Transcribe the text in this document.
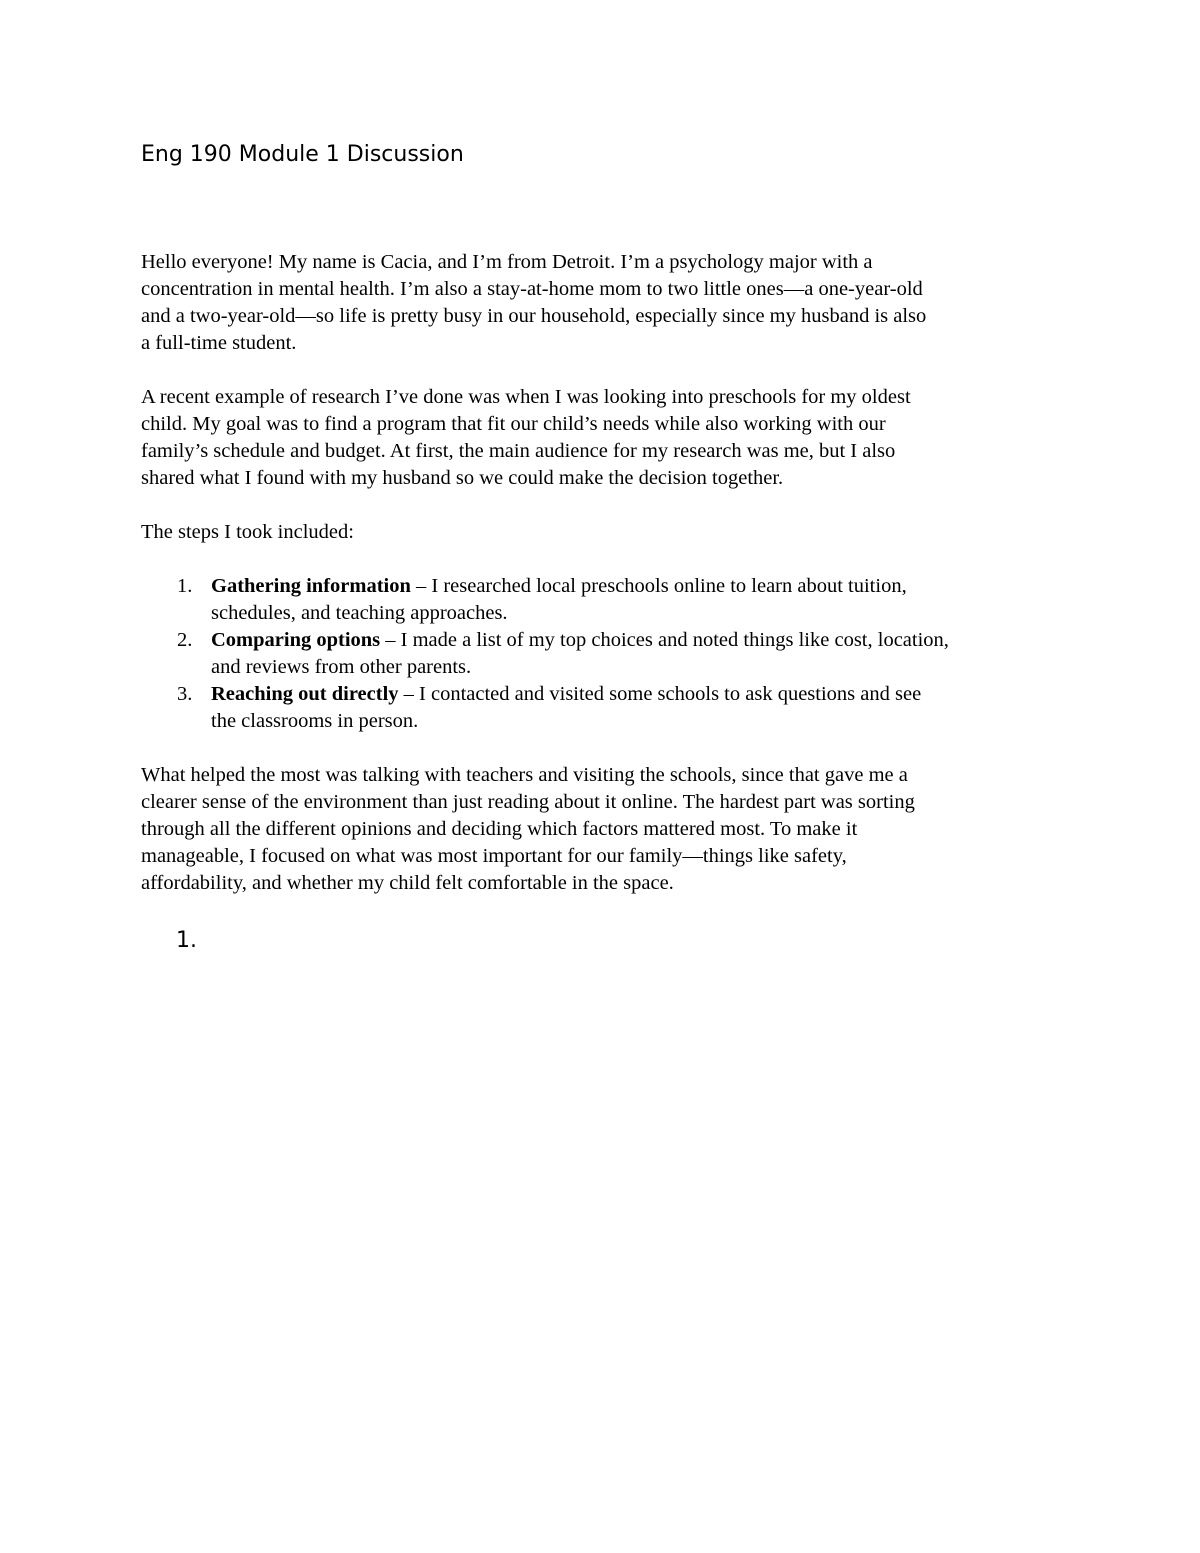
Eng 190 Module 1 Discussion

Hello everyone! My name is Cacia, and I’m from Detroit. I’m a psychology major with a
concentration in mental health. I’m also a stay-at-home mom to two little ones—a one-year-old
and a two-year-old—so life is pretty busy in our household, especially since my husband is also
a full-time student.

A recent example of research I’ve done was when I was looking into preschools for my oldest
child. My goal was to find a program that fit our child’s needs while also working with our
family’s schedule and budget. At first, the main audience for my research was me, but I also
shared what I found with my husband so we could make the decision together.

The steps I took included:

1. Gathering information – I researched local preschools online to learn about tuition,
schedules, and teaching approaches.
2. Comparing options – I made a list of my top choices and noted things like cost, location,
and reviews from other parents.
3. Reaching out directly – I contacted and visited some schools to ask questions and see
the classrooms in person.

What helped the most was talking with teachers and visiting the schools, since that gave me a
clearer sense of the environment than just reading about it online. The hardest part was sorting
through all the different opinions and deciding which factors mattered most. To make it
manageable, I focused on what was most important for our family—things like safety,
affordability, and whether my child felt comfortable in the space.

1.
